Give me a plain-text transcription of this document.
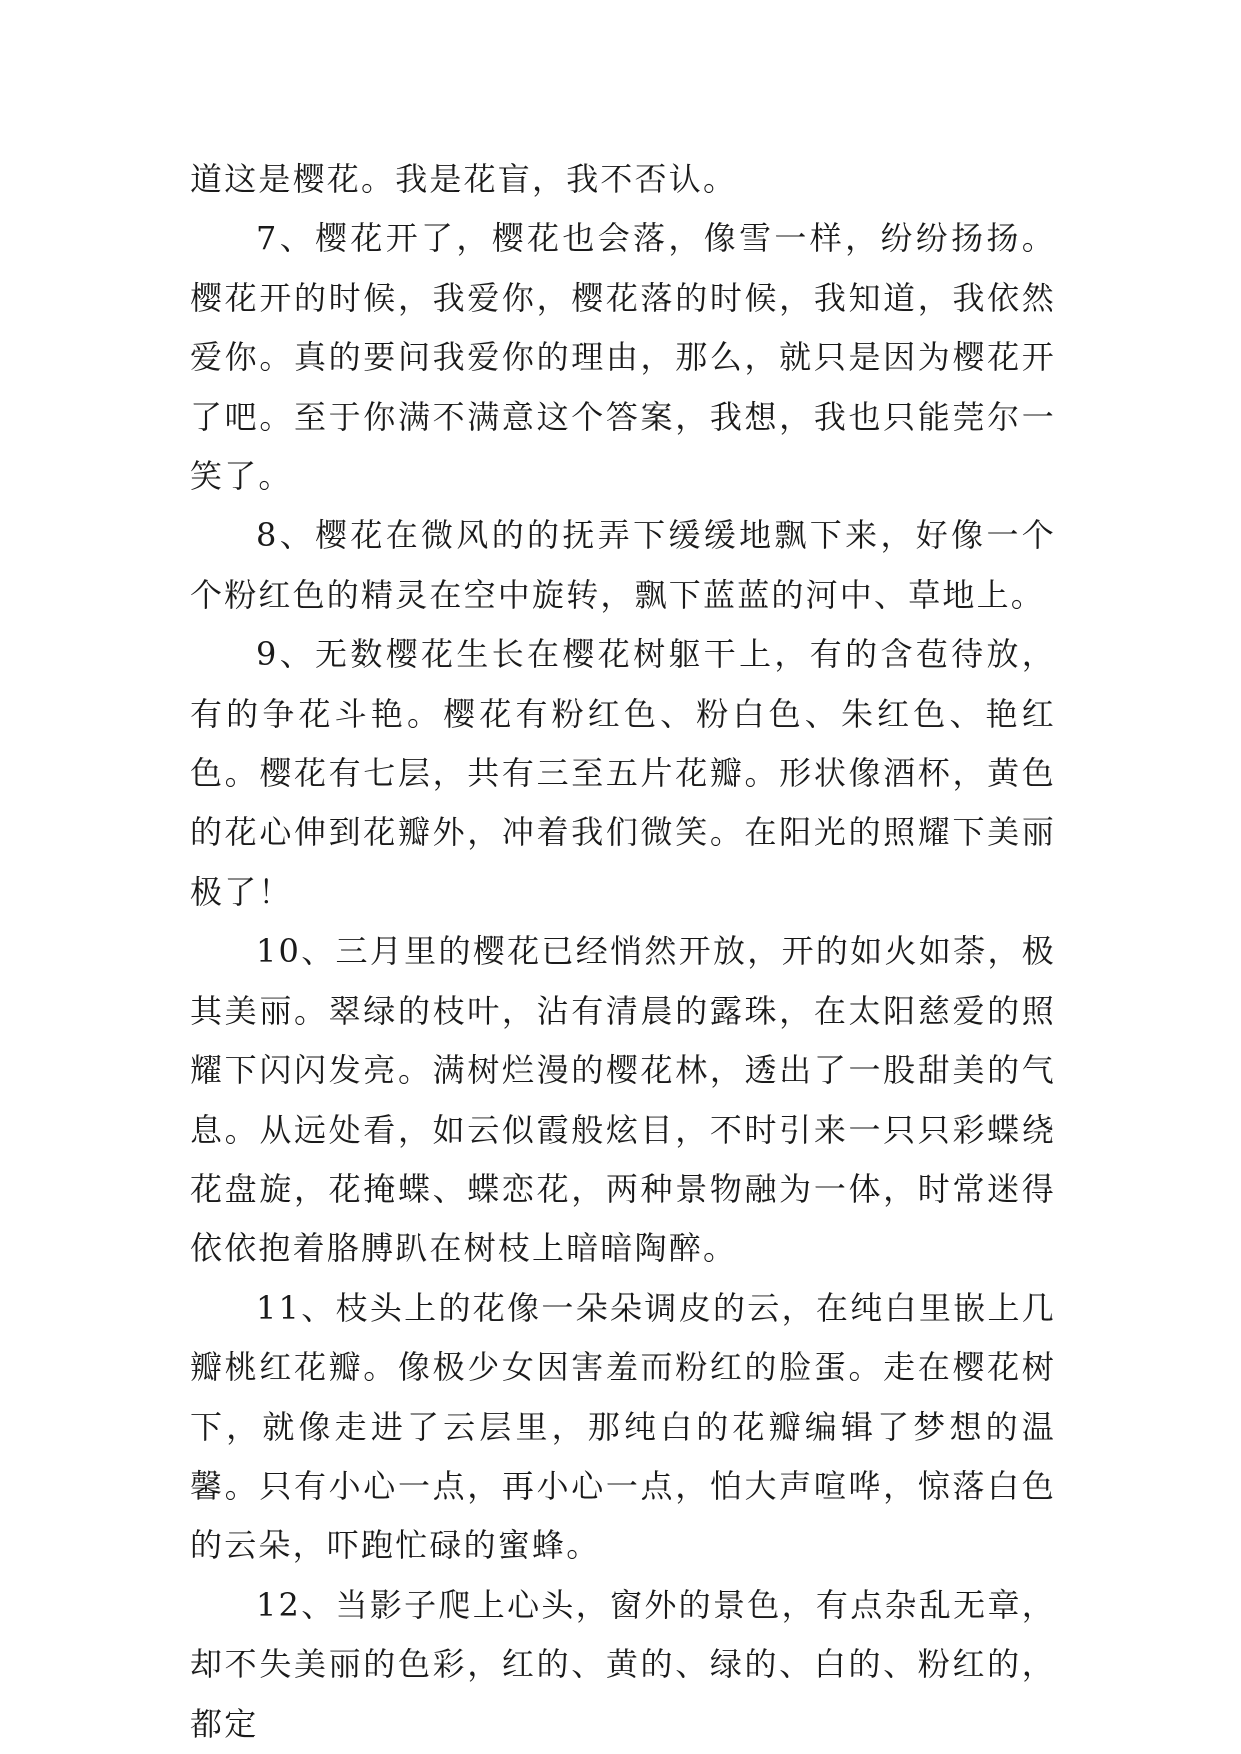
道这是樱花。我是花盲，我不否认。

7、樱花开了，樱花也会落，像雪一样，纷纷扬扬。樱花开的时候，我爱你，樱花落的时候，我知道，我依然爱你。真的要问我爱你的理由，那么，就只是因为樱花开了吧。至于你满不满意这个答案，我想，我也只能莞尔一笑了。

8、樱花在微风的的抚弄下缓缓地飘下来，好像一个个粉红色的精灵在空中旋转，飘下蓝蓝的河中、草地上。

9、无数樱花生长在樱花树躯干上，有的含苞待放，有的争花斗艳。樱花有粉红色、粉白色、朱红色、艳红色。樱花有七层，共有三至五片花瓣。形状像酒杯，黄色的花心伸到花瓣外，冲着我们微笑。在阳光的照耀下美丽极了！

10、三月里的樱花已经悄然开放，开的如火如荼，极其美丽。翠绿的枝叶，沾有清晨的露珠，在太阳慈爱的照耀下闪闪发亮。满树烂漫的樱花林，透出了一股甜美的气息。从远处看，如云似霞般炫目，不时引来一只只彩蝶绕花盘旋，花掩蝶、蝶恋花，两种景物融为一体，时常迷得依依抱着胳膊趴在树枝上暗暗陶醉。

11、枝头上的花像一朵朵调皮的云，在纯白里嵌上几瓣桃红花瓣。像极少女因害羞而粉红的脸蛋。走在樱花树下，就像走进了云层里，那纯白的花瓣编辑了梦想的温馨。只有小心一点，再小心一点，怕大声喧哗，惊落白色的云朵，吓跑忙碌的蜜蜂。

12、当影子爬上心头，窗外的景色，有点杂乱无章，却不失美丽的色彩，红的、黄的、绿的、白的、粉红的，都定
